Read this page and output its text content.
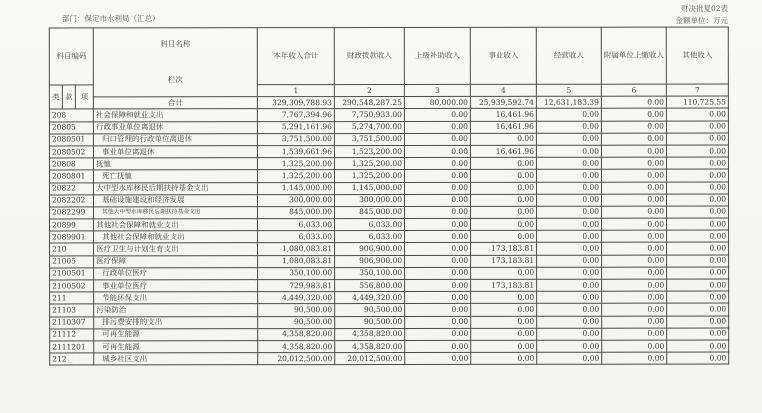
部门：保定市水利局（汇总）
财决批复02表
金额单位：万元
科目编码			科目名称
栏次	本年收入合计	财政拨款收入	上级补助收入	事业收入	经营收入	附属单位上缴收入	其他收入
类	款	项		1	2	3	4	5	6	7
			合计	329,309,788.93	290,548,287.25	80,000.00	25,939,592.74	12,631,183.39	0.00	110,725.55
208			社会保障和就业支出	7,767,394.96	7,750,933.00	0.00	16,461.96	0.00	0.00	0.00
20805			行政事业单位离退休	5,291,161.96	5,274,700.00	0.00	16,461.96	0.00	0.00	0.00
2080501			归口管理的行政单位离退休	3,751,500.00	3,751,500.00	0.00	0.00	0.00	0.00	0.00
2080502			事业单位离退休	1,539,661.96	1,523,200.00	0.00	16,461.96	0.00	0.00	0.00
20808			抚恤	1,325,200.00	1,325,200.00	0.00	0.00	0.00	0.00	0.00
2080801			死亡抚恤	1,325,200.00	1,325,200.00	0.00	0.00	0.00	0.00	0.00
20822			大中型水库移民后期扶持基金支出	1,145,000.00	1,145,000.00	0.00	0.00	0.00	0.00	0.00
2082202			基础设施建设和经济发展	300,000.00	300,000.00	0.00	0.00	0.00	0.00	0.00
2082299			其他大中型水库移民后期扶持基金支出	845,000.00	845,000.00	0.00	0.00	0.00	0.00	0.00
20899			其他社会保障和就业支出	6,033.00	6,033.00	0.00	0.00	0.00	0.00	0.00
2089901			其他社会保障和就业支出	6,033.00	6,033.00	0.00	0.00	0.00	0.00	0.00
210			医疗卫生与计划生育支出	1,080,083.81	906,900.00	0.00	173,183.81	0.00	0.00	0.00
21005			医疗保障	1,080,083.81	906,900.00	0.00	173,183.81	0.00	0.00	0.00
2100501			行政单位医疗	350,100.00	350,100.00	0.00	0.00	0.00	0.00	0.00
2100502			事业单位医疗	729,983.81	556,800.00	0.00	173,183.81	0.00	0.00	0.00
211			节能环保支出	4,449,320.00	4,449,320.00	0.00	0.00	0.00	0.00	0.00
21103			污染防治	90,500.00	90,500.00	0.00	0.00	0.00	0.00	0.00
2110307			排污费安排的支出	90,500.00	90,500.00	0.00	0.00	0.00	0.00	0.00
21112			可再生能源	4,358,820.00	4,358,820.00	0.00	0.00	0.00	0.00	0.00
2111201			可再生能源	4,358,820.00	4,358,820.00	0.00	0.00	0.00	0.00	0.00
212			城乡社区支出	20,012,500.00	20,012,500.00	0.00	0.00	0.00	0.00	0.00
